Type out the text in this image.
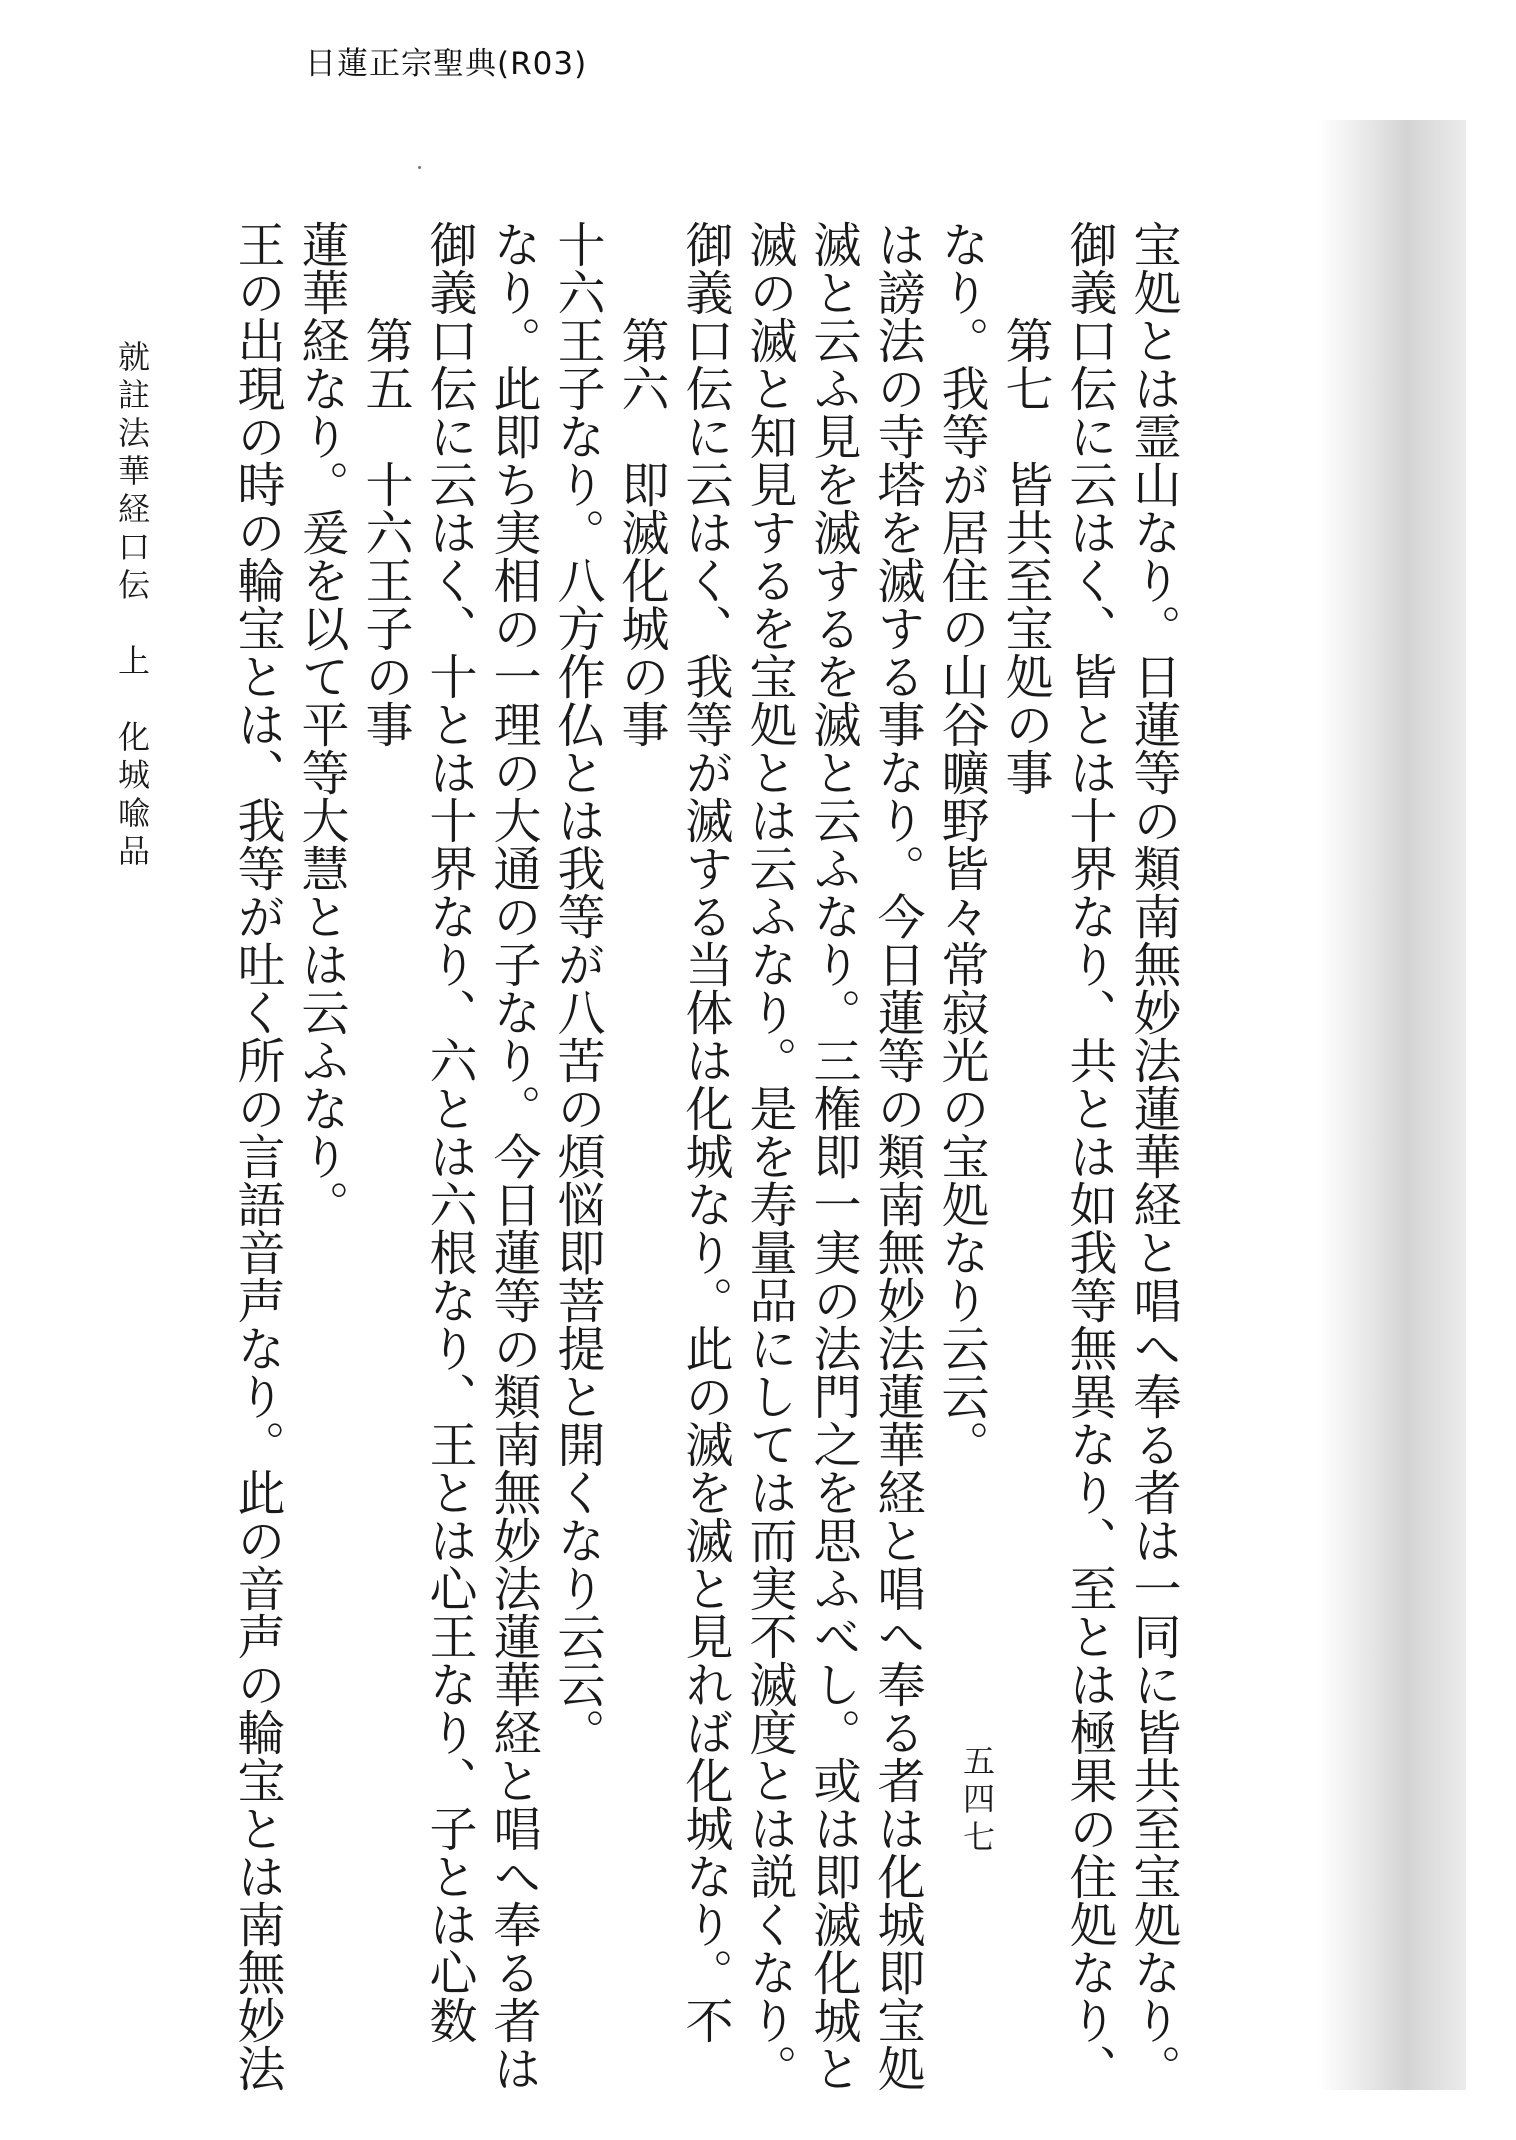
日蓮正宗聖典(R03)
宝処とは霊山なり。日蓮等の類南無妙法蓮華経と唱へ奉る者は一同に皆共至宝処なり。
御義口伝に云はく、皆とは十界なり、共とは如我等無異なり、至とは極果の住処なり、
第七　皆共至宝処の事
なり。我等が居住の山谷曠野皆々常寂光の宝処なり云云。
は謗法の寺塔を滅する事なり。今日蓮等の類南無妙法蓮華経と唱へ奉る者は化城即宝処
滅と云ふ見を滅するを滅と云ふなり。三権即一実の法門之を思ふべし。或は即滅化城と
滅の滅と知見するを宝処とは云ふなり。是を寿量品にしては而実不滅度とは説くなり。
御義口伝に云はく、我等が滅する当体は化城なり。此の滅を滅と見れば化城なり。不
第六　即滅化城の事
十六王子なり。八方作仏とは我等が八苦の煩悩即菩提と開くなり云云。
なり。此即ち実相の一理の大通の子なり。今日蓮等の類南無妙法蓮華経と唱へ奉る者は
御義口伝に云はく、十とは十界なり、六とは六根なり、王とは心王なり、子とは心数
第五　十六王子の事
蓮華経なり。爰を以て平等大慧とは云ふなり。
王の出現の時の輪宝とは、我等が吐く所の言語音声なり。此の音声の輪宝とは南無妙法
就註法華経口伝　上　化城喩品
五四七
